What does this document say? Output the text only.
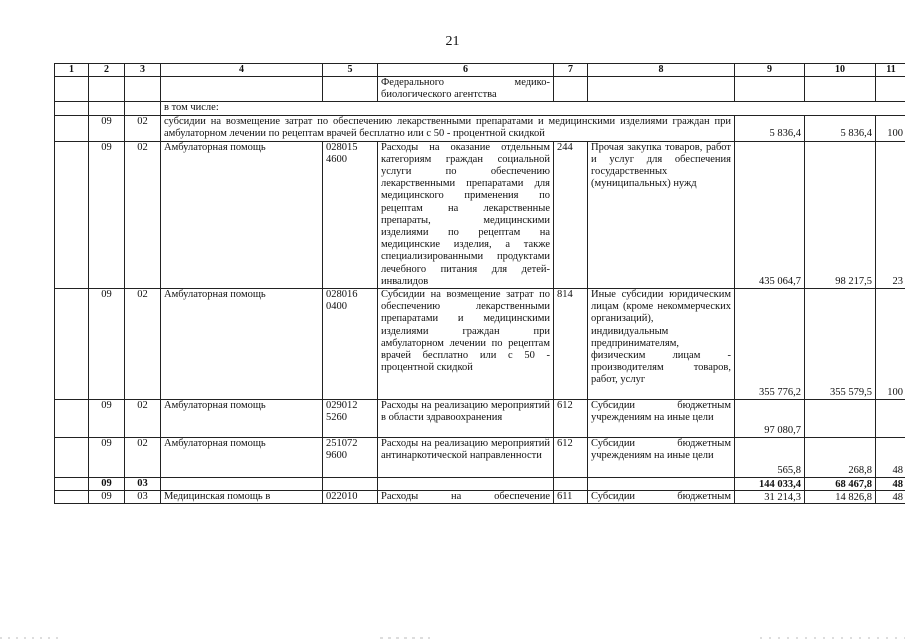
21
1	2	3	4	5	6	7	8	9	10	11
					Федерального медико-биологического агентства					
			в том числе:							
	09	02	субсидии на возмещение затрат по обеспечению лекарственными препаратами и медицинскими изделиями граждан при амбулаторном лечении по рецептам врачей бесплатно или с 50 - процентной скидкой					5 836,4	5 836,4	100
	09	02	Амбулаторная помощь	028015
4600	Расходы на оказание отдельным категориям граждан социальной услуги по обеспечению лекарственными препаратами для медицинского применения по рецептам на лекарственные препараты, медицинскими изделиями по рецептам на медицинские изделия, а также специализированными продуктами лечебного питания для детей-инвалидов	244	Прочая закупка товаров, работ и услуг для обеспечения государственных (муниципальных) нужд	435 064,7	98 217,5	23
	09	02	Амбулаторная помощь	028016
0400	Субсидии на возмещение затрат по обеспечению лекарственными препаратами и медицинскими изделиями граждан при амбулаторном лечении по рецептам врачей бесплатно или с 50 - процентной скидкой	814	Иные субсидии юридическим лицам (кроме некоммерческих организаций), индивидуальным предпринимателям, физическим лицам - производителям товаров, работ, услуг	355 776,2	355 579,5	100
	09	02	Амбулаторная помощь	029012
5260	Расходы на реализацию мероприятий в области здравоохранения	612	Субсидии бюджетным учреждениям на иные цели	97 080,7		
	09	02	Амбулаторная помощь	251072
9600	Расходы на реализацию мероприятий антинаркотической направленности	612	Субсидии бюджетным учреждениям на иные цели	565,8	268,8	48
	09	03						144 033,4	68 467,8	48
	09	03	Медицинская помощь в	022010	Расходы на обеспечение	611	Субсидии бюджетным	31 214,3	14 826,8	48
